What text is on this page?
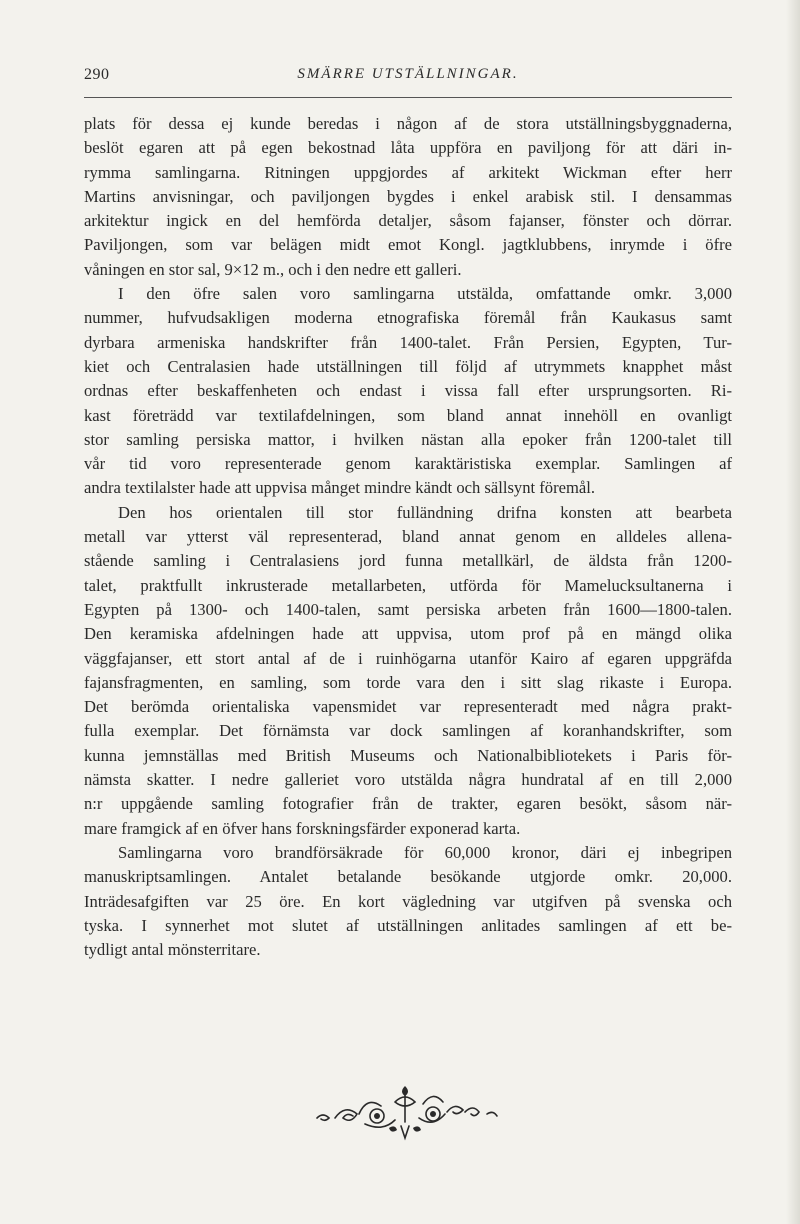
290	SMÄRRE UTSTÄLLNINGAR.
plats för dessa ej kunde beredas i någon af de stora utställningsbyggnaderna,
beslöt egaren att på egen bekostnad låta uppföra en paviljong för att däri in-
rymma samlingarna. Ritningen uppgjordes af arkitekt Wickman efter herr
Martins anvisningar, och paviljongen bygdes i enkel arabisk stil. I densammas
arkitektur ingick en del hemförda detaljer, såsom fajanser, fönster och dörrar.
Paviljongen, som var belägen midt emot Kongl. jagtklubbens, inrymde i öfre
våningen en stor sal, 9×12 m., och i den nedre ett galleri.
I den öfre salen voro samlingarna utstälda, omfattande omkr. 3,000
nummer, hufvudsakligen moderna etnografiska föremål från Kaukasus samt
dyrbara armeniska handskrifter från 1400-talet. Från Persien, Egypten, Tur-
kiet och Centralasien hade utställningen till följd af utrymmets knapphet måst
ordnas efter beskaffenheten och endast i vissa fall efter ursprungsorten. Ri-
kast företrädd var textilafdelningen, som bland annat innehöll en ovanligt
stor samling persiska mattor, i hvilken nästan alla epoker från 1200-talet till
vår tid voro representerade genom karaktäristiska exemplar. Samlingen af
andra textilalster hade att uppvisa månget mindre kändt och sällsynt föremål.
Den hos orientalen till stor fulländning drifna konsten att bearbeta
metall var ytterst väl representerad, bland annat genom en alldeles allena-
stående samling i Centralasiens jord funna metallkärl, de äldsta från 1200-
talet, praktfullt inkrusterade metallarbeten, utförda för Mamelucksultanerna i
Egypten på 1300- och 1400-talen, samt persiska arbeten från 1600—1800-talen.
Den keramiska afdelningen hade att uppvisa, utom prof på en mängd olika
väggfajanser, ett stort antal af de i ruinhögarna utanför Kairo af egaren uppgräfda
fajansfragmenten, en samling, som torde vara den i sitt slag rikaste i Europa.
Det berömda orientaliska vapensmidet var representeradt med några prakt-
fulla exemplar. Det förnämsta var dock samlingen af koranhandskrifter, som
kunna jemnställas med British Museums och Nationalbibliotekets i Paris för-
nämsta skatter. I nedre galleriet voro utstälda några hundratal af en till 2,000
n:r uppgående samling fotografier från de trakter, egaren besökt, såsom när-
mare framgick af en öfver hans forskningsfärder exponerad karta.
Samlingarna voro brandförsäkrade för 60,000 kronor, däri ej inbegripen
manuskriptsamlingen. Antalet betalande besökande utgjorde omkr. 20,000.
Inträdesafgiften var 25 öre. En kort vägledning var utgifven på svenska och
tyska. I synnerhet mot slutet af utställningen anlitades samlingen af ett be-
tydligt antal mönsterritare.
